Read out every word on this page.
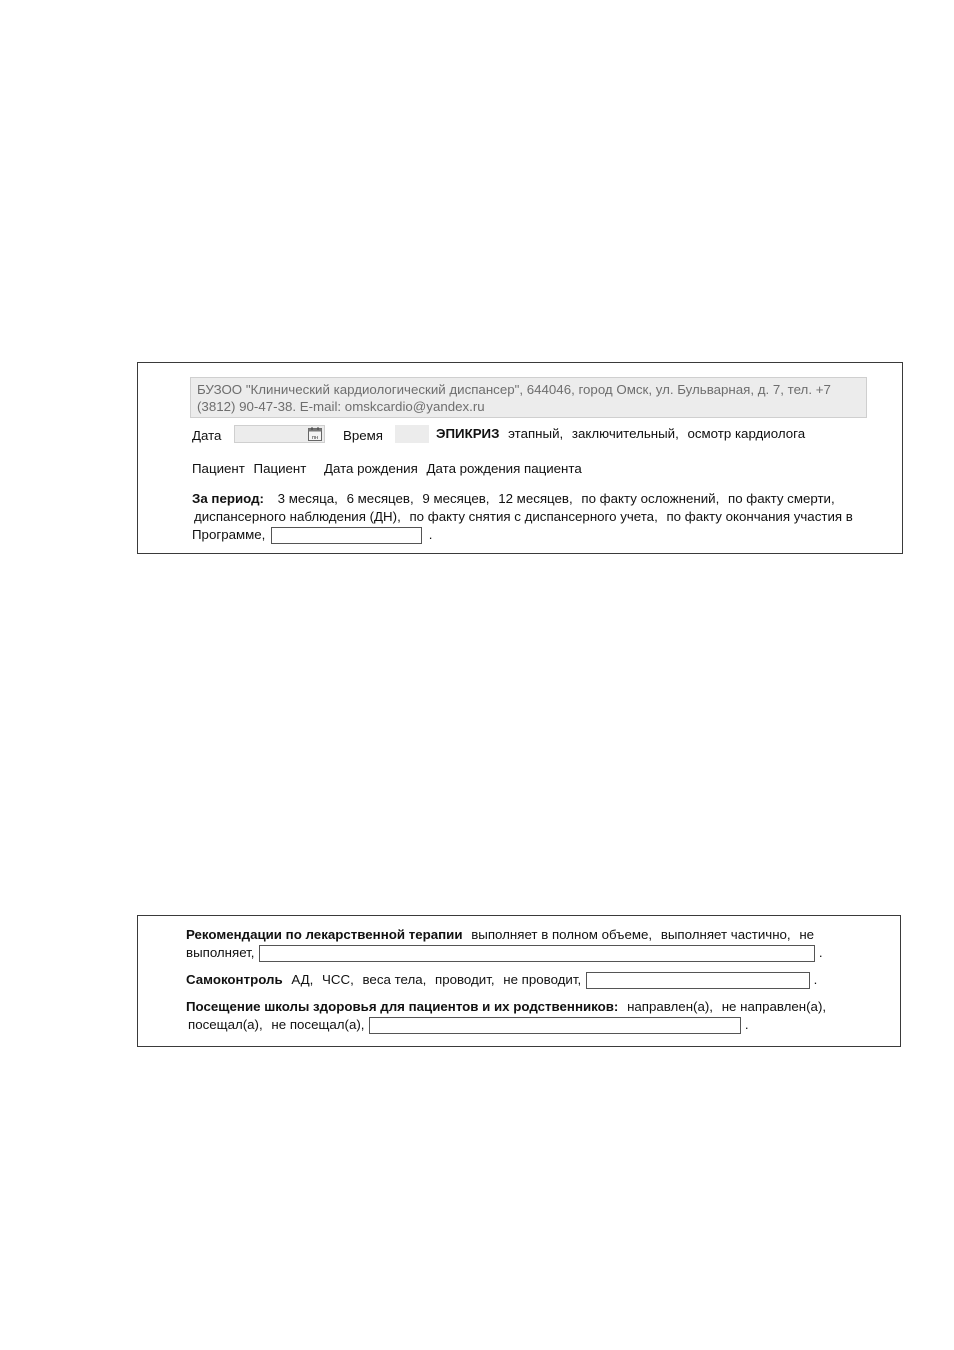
БУЗОО "Клинический кардиологический диспансер", 644046, город Омск, ул. Бульварная, д. 7, тел. +7
(3812) 90-47-38. E-mail: omskcardio@yandex.ru
Дата	пн Время	ЭПИКРИЗ этапный, заключительный, осмотр кардиолога
Пациент Пациент Дата рождения Дата рождения пациента
За период: 3 месяца, 6 месяцев, 9 месяцев, 12 месяцев, по факту осложнений, по факту смерти,
диспансерного наблюдения (ДН), по факту снятия с диспансерного учета, по факту окончания участия в
Программе,	.
Рекомендации по лекарственной терапии выполняет в полном объеме, выполняет частично, не
выполняет,	.
Самоконтроль АД, ЧСС, веса тела, проводит, не проводит,	.
Посещение школы здоровья для пациентов и их родственников: направлен(а), не направлен(а),
посещал(а), не посещал(а),	.
